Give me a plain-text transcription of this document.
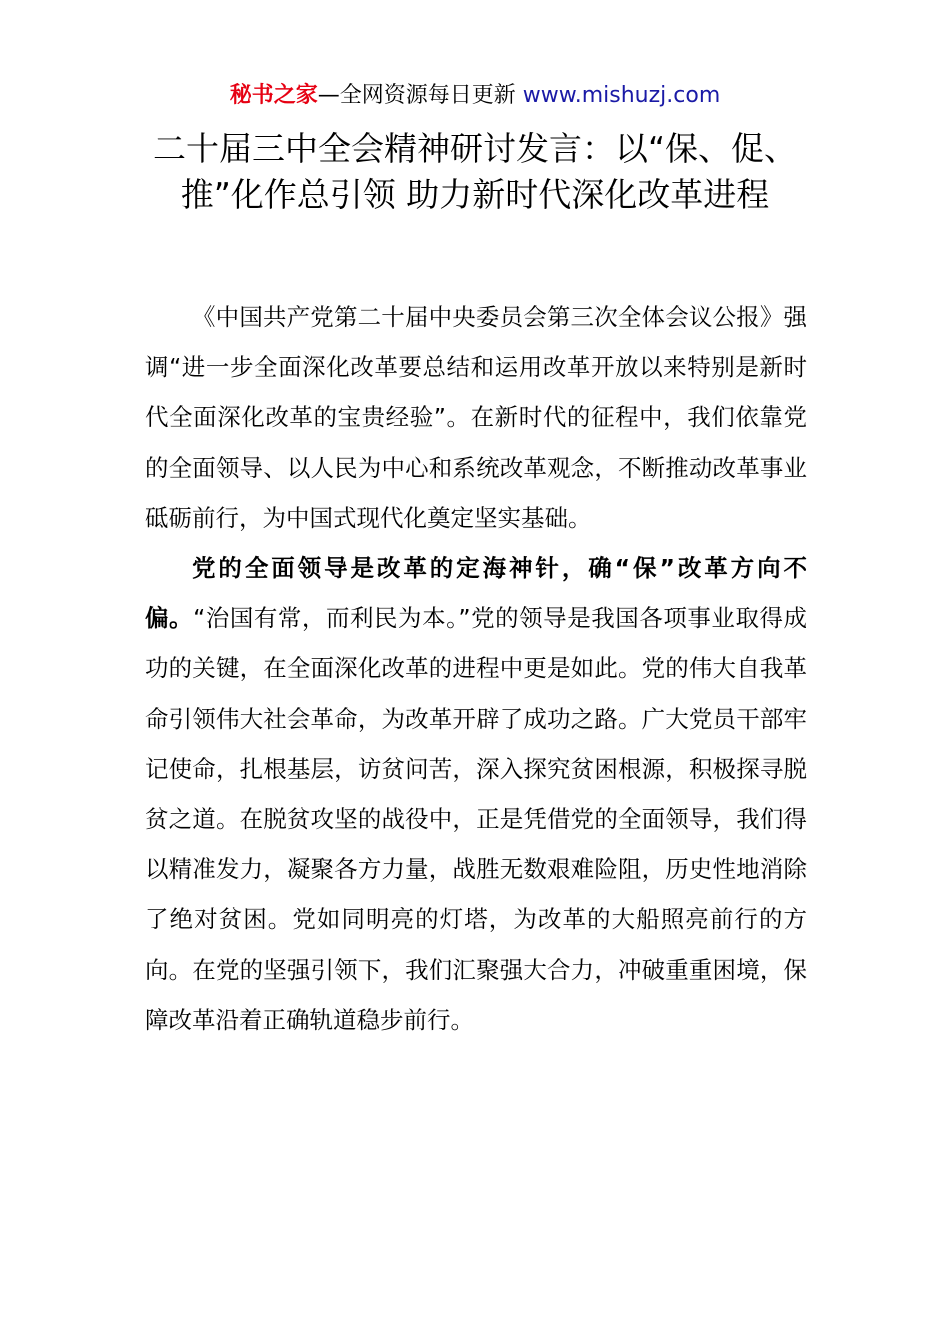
秘书之家—全网资源每日更新 www.mishuzj.com
二十届三中全会精神研讨发言：以“保、促、推”化作总引领 助力新时代深化改革进程

《中国共产党第二十届中央委员会第三次全体会议公报》强调“进一步全面深化改革要总结和运用改革开放以来特别是新时代全面深化改革的宝贵经验”。在新时代的征程中，我们依靠党的全面领导、以人民为中心和系统改革观念，不断推动改革事业砥砺前行，为中国式现代化奠定坚实基础。

党的全面领导是改革的定海神针，确“保”改革方向不偏。“治国有常，而利民为本。”党的领导是我国各项事业取得成功的关键，在全面深化改革的进程中更是如此。党的伟大自我革命引领伟大社会革命，为改革开辟了成功之路。广大党员干部牢记使命，扎根基层，访贫问苦，深入探究贫困根源，积极探寻脱贫之道。在脱贫攻坚的战役中，正是凭借党的全面领导，我们得以精准发力，凝聚各方力量，战胜无数艰难险阻，历史性地消除了绝对贫困。党如同明亮的灯塔，为改革的大船照亮前行的方向。在党的坚强引领下，我们汇聚强大合力，冲破重重困境，保障改革沿着正确轨道稳步前行。
